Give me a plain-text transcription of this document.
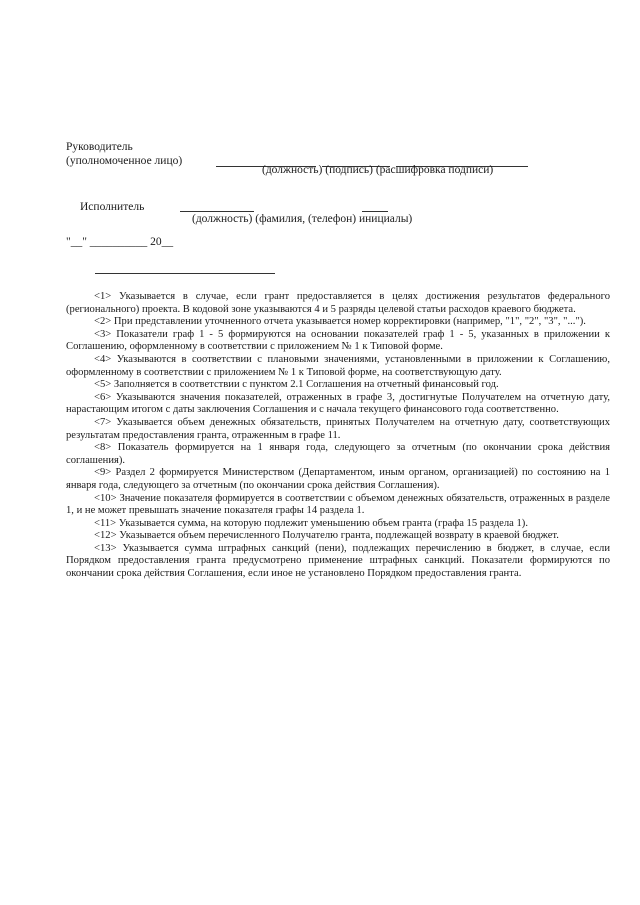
Руководитель
(уполномоченное лицо)
(должность) (подпись) (расшифровка подписи)
Исполнитель
(должность) (фамилия, (телефон) инициалы)
"__" __________ 20__

<1> Указывается в случае, если грант предоставляется в целях достижения результатов федерального (регионального) проекта. В кодовой зоне указываются 4 и 5 разряды целевой статьи расходов краевого бюджета.

<2> При представлении уточненного отчета указывается номер корректировки (например, "1", "2", "3", "...").

<3> Показатели граф 1 - 5 формируются на основании показателей граф 1 - 5, указанных в приложении к Соглашению, оформленному в соответствии с приложением № 1 к Типовой форме.

<4> Указываются в соответствии с плановыми значениями, установленными в приложении к Соглашению, оформленному в соответствии с приложением № 1 к Типовой форме, на соответствующую дату.

<5> Заполняется в соответствии с пунктом 2.1 Соглашения на отчетный финансовый год.

<6> Указываются значения показателей, отраженных в графе 3, достигнутые Получателем на отчетную дату, нарастающим итогом с даты заключения Соглашения и с начала текущего финансового года соответственно.

<7> Указывается объем денежных обязательств, принятых Получателем на отчетную дату, соответствующих результатам предоставления гранта, отраженным в графе 11.

<8> Показатель формируется на 1 января года, следующего за отчетным (по окончании срока действия соглашения).

<9> Раздел 2 формируется Министерством (Департаментом, иным органом, организацией) по состоянию на 1 января года, следующего за отчетным (по окончании срока действия Соглашения).

<10> Значение показателя формируется в соответствии с объемом денежных обязательств, отраженных в разделе 1, и не может превышать значение показателя графы 14 раздела 1.

<11> Указывается сумма, на которую подлежит уменьшению объем гранта (графа 15 раздела 1).

<12> Указывается объем перечисленного Получателю гранта, подлежащей возврату в краевой бюджет.

<13> Указывается сумма штрафных санкций (пени), подлежащих перечислению в бюджет, в случае, если Порядком предоставления гранта предусмотрено применение штрафных санкций. Показатели формируются по окончании срока действия Соглашения, если иное не установлено Порядком предоставления гранта.
